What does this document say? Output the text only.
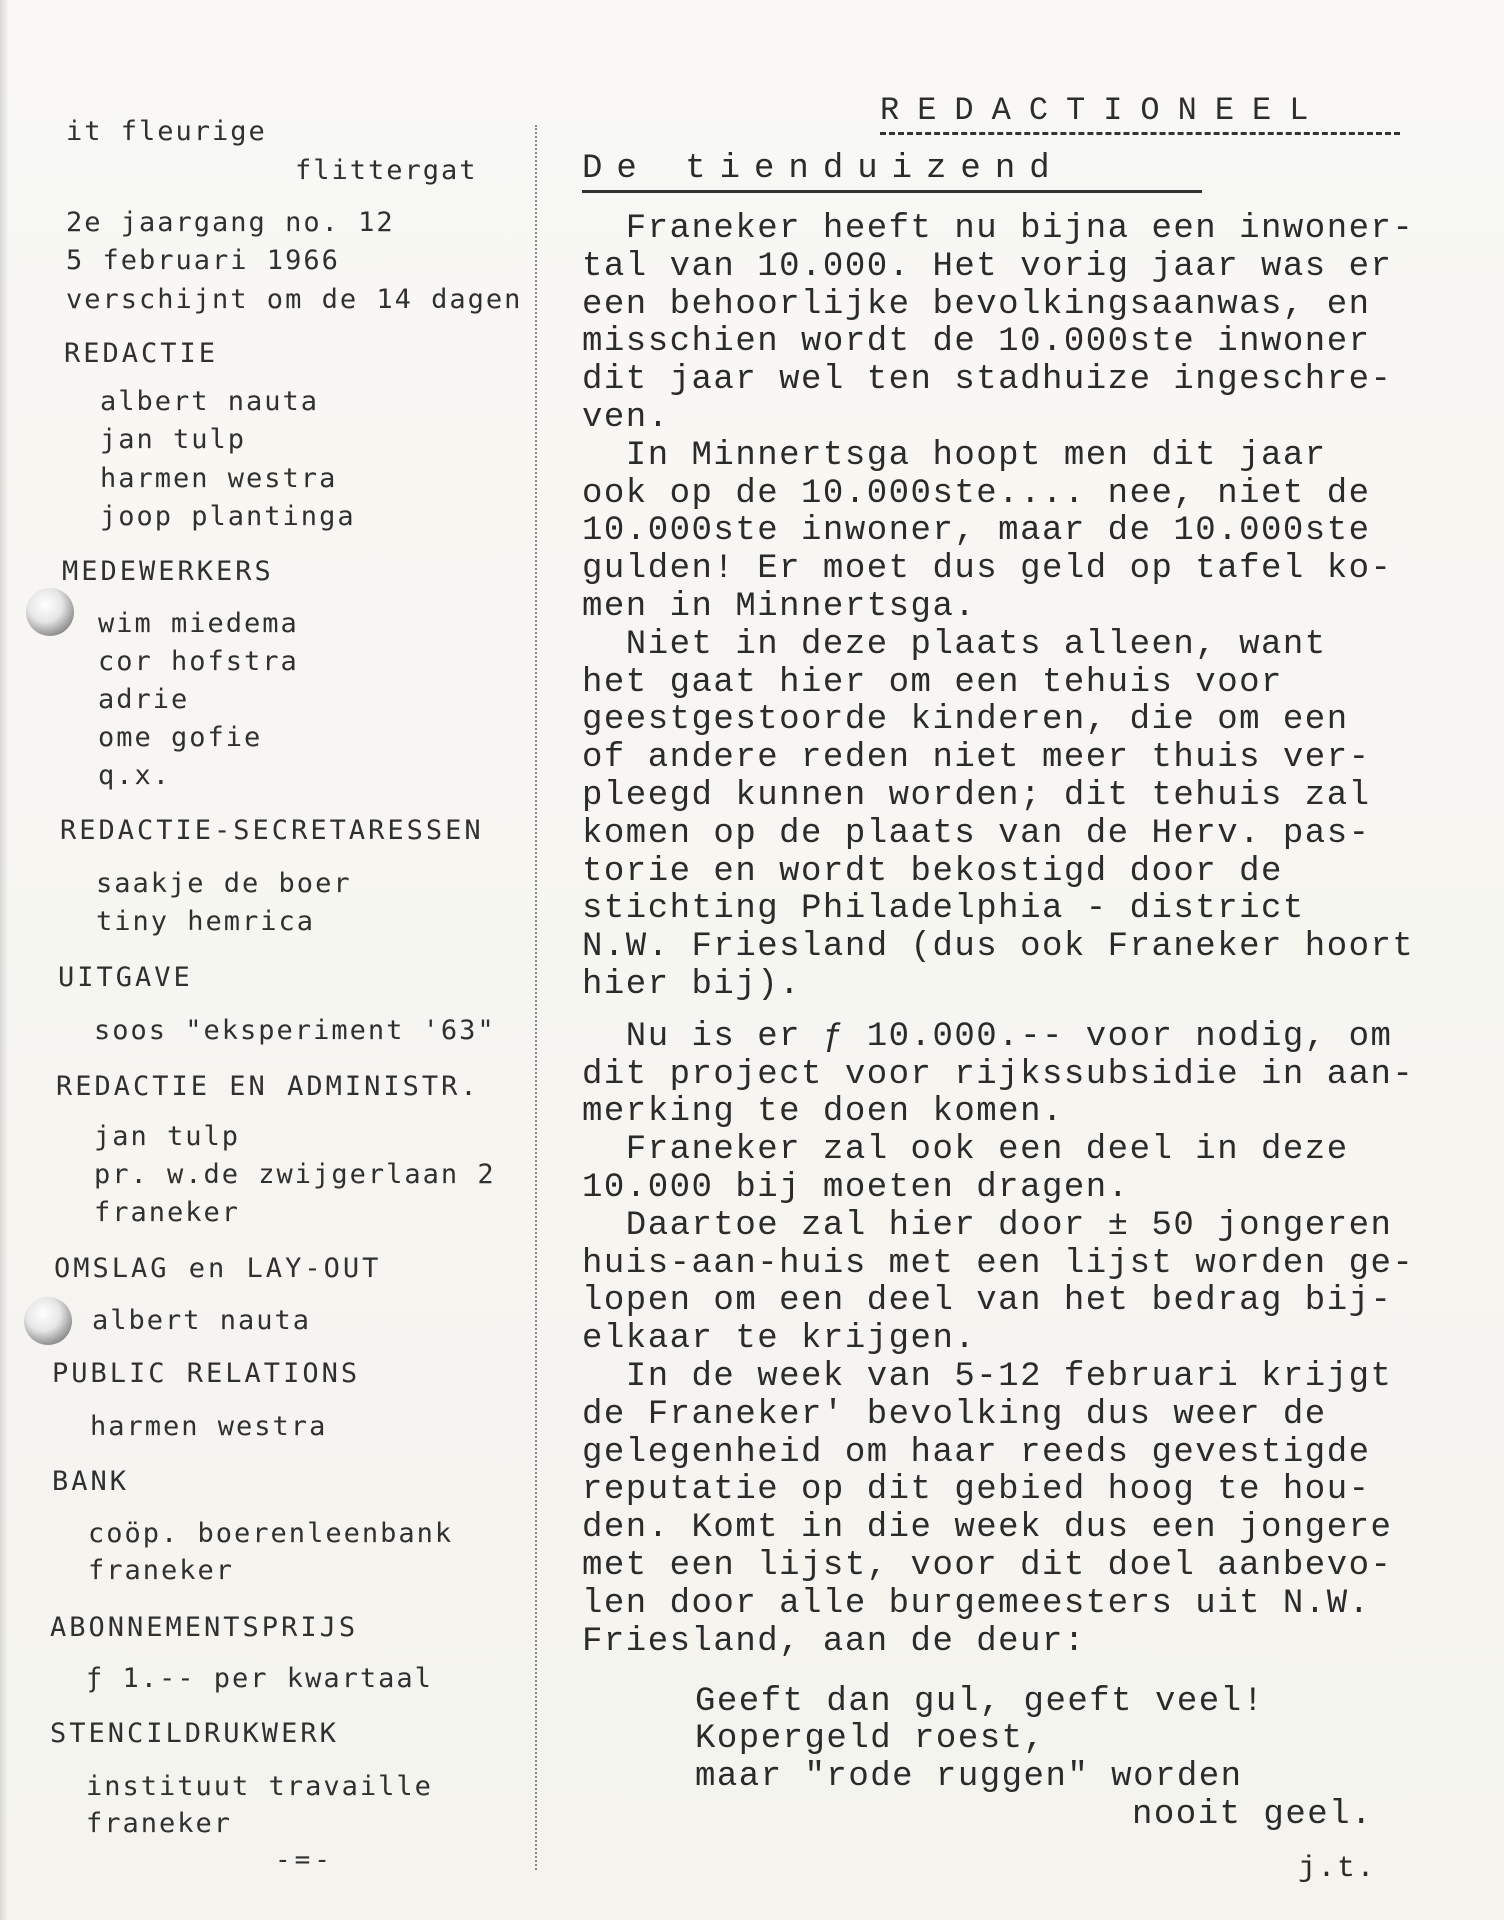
it fleurige
flittergat
2e jaargang no. 12
5 februari 1966
verschijnt om de 14 dagen
REDACTIE
albert nauta
jan tulp
harmen westra
joop plantinga
MEDEWERKERS
wim miedema
cor hofstra
adrie
ome gofie
q.x.
REDACTIE-SECRETARESSEN
saakje de boer
tiny hemrica
UITGAVE
soos "eksperiment '63"
REDACTIE EN ADMINISTR.
jan tulp
pr. w.de zwijgerlaan 2
franeker
OMSLAG en LAY-OUT
albert nauta
PUBLIC RELATIONS
harmen westra
BANK
coöp. boerenleenbank
franeker
ABONNEMENTSPRIJS
ƒ 1.-- per kwartaal
STENCILDRUKWERK
instituut travaille
franeker
-=-
REDACTIONEEL
De tienduizend
Franeker heeft nu bijna een inwoner-
tal van 10.000. Het vorig jaar was er
een behoorlijke bevolkingsaanwas, en
misschien wordt de 10.000ste inwoner
dit jaar wel ten stadhuize ingeschre-
ven.
In Minnertsga hoopt men dit jaar
ook op de 10.000ste.... nee, niet de
10.000ste inwoner, maar de 10.000ste
gulden! Er moet dus geld op tafel ko-
men in Minnertsga.
Niet in deze plaats alleen, want
het gaat hier om een tehuis voor
geestgestoorde kinderen, die om een
of andere reden niet meer thuis ver-
pleegd kunnen worden; dit tehuis zal
komen op de plaats van de Herv. pas-
torie en wordt bekostigd door de
stichting Philadelphia - district
N.W. Friesland (dus ook Franeker hoort
hier bij).
Nu is er ƒ 10.000.-- voor nodig, om
dit project voor rijkssubsidie in aan-
merking te doen komen.
Franeker zal ook een deel in deze
10.000 bij moeten dragen.
Daartoe zal hier door ± 50 jongeren
huis-aan-huis met een lijst worden ge-
lopen om een deel van het bedrag bij-
elkaar te krijgen.
In de week van 5-12 februari krijgt
de Franeker' bevolking dus weer de
gelegenheid om haar reeds gevestigde
reputatie op dit gebied hoog te hou-
den. Komt in die week dus een jongere
met een lijst, voor dit doel aanbevo-
len door alle burgemeesters uit N.W.
Friesland, aan de deur:
Geeft dan gul, geeft veel!
Kopergeld roest,
maar "rode ruggen" worden
nooit geel.
j.t.
